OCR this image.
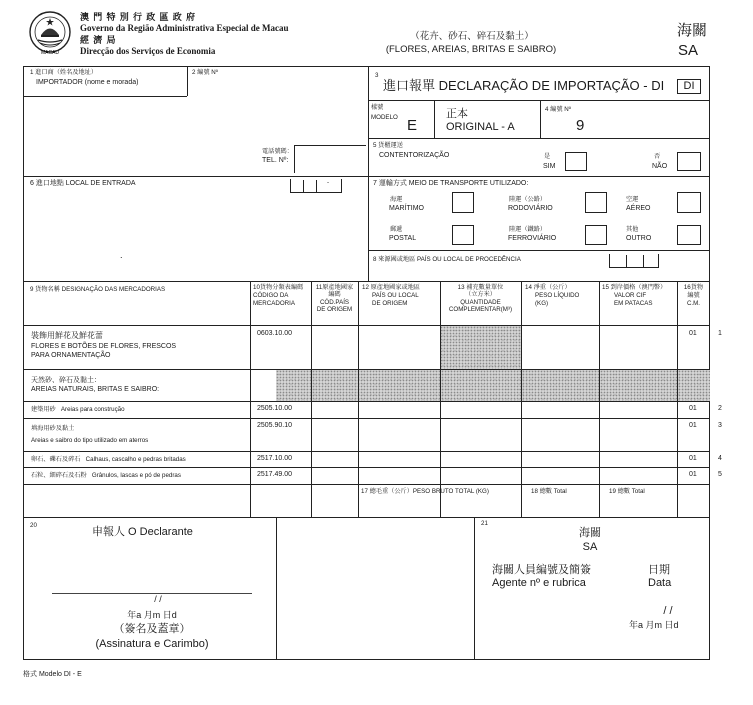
MACAU
澳 門 特 別 行 政 區 政 府
Governo da Região Administrativa Especial de Macau
經 濟 局
Direcção dos Serviços de Economia
（花卉、砂石、碎石及黏土）
(FLORES, AREIAS, BRITAS E SAIBRO)
海關
SA
1 進口商（姓名及地址）
IMPORTADOR (nome e morada)
電話號碼：
TEL. Nº:
2 編號 Nº	3
進口報單 DECLARAÇÃO DE IMPORTAÇÃO - DI	DI
樣號
MODELO E
正本
ORIGINAL - A
4 編號 Nº
9
5 貨櫃運送
CONTENTORIZAÇÃO	是
SIM
否
NÃO
6 進口地點 LOCAL DE ENTRADA	-
.
7 運輸方式 MEIO DE TRANSPORTE UTILIZADO:
海運
MARÍTIMO
陸運（公路）
RODOVIÁRIO
空運
AÉREO
郵遞
POSTAL
陸運（鐵路）
FERROVIÁRIO
其他
OUTRO
8 來源國或地區 PAÍS OU LOCAL DE PROCEDÊNCIA
9 貨物名稱 DESIGNAÇÃO DAS MERCADORIAS	10貨物分類表編碼
CÓDIGO DA
MERCADORIA
11原產地國家
編碼
CÓD.PAÍS
DE ORIGEM
12 原產地國家或地區
PAÍS OU LOCAL
DE ORIGEM
13 補充數量單位
（立方米）
QUANTIDADE
COMPLEMENTAR(M³)
14 淨重（公斤）
PESO LÍQUIDO
(KG)
15 到岸價格（澳門幣）
VALOR CIF
EM PATACAS
16貨物
編號
C.M.
裝飾用鮮花及鮮花蕾
FLORES E BOTÕES DE FLORES, FRESCOS
PARA ORNAMENTAÇÃO
0603.10.00	01	1
天然砂、碎石及黏土：
AREIAS NATURAIS, BRITAS E SAIBRO:
建築用砂 Areias para construção	2505.10.00	01	2
填海用砂及黏土
Areias e saibro do tipo utilizado em aterros
2505.90.10	01	3
卵石、礫石及碎石 Calhaus, cascalho e pedras britadas	2517.10.00	01	4
石粒、細碎石及石粉 Grânulos, lascas e pó de pedras	2517.49.00	01	5
17 總毛重（公斤）PESO BRUTO TOTAL (KG)	18 總數 Total	19 總數 Total
20
申報人 O Declarante
/ /
年a 月m 日d
（簽名及蓋章）
(Assinatura e Carimbo)
21
海關
SA
海關人員編號及簡簽
Agente nº e rubrica
日期
Data
/ /
年a 月m 日d
格式 Modelo DI - E
